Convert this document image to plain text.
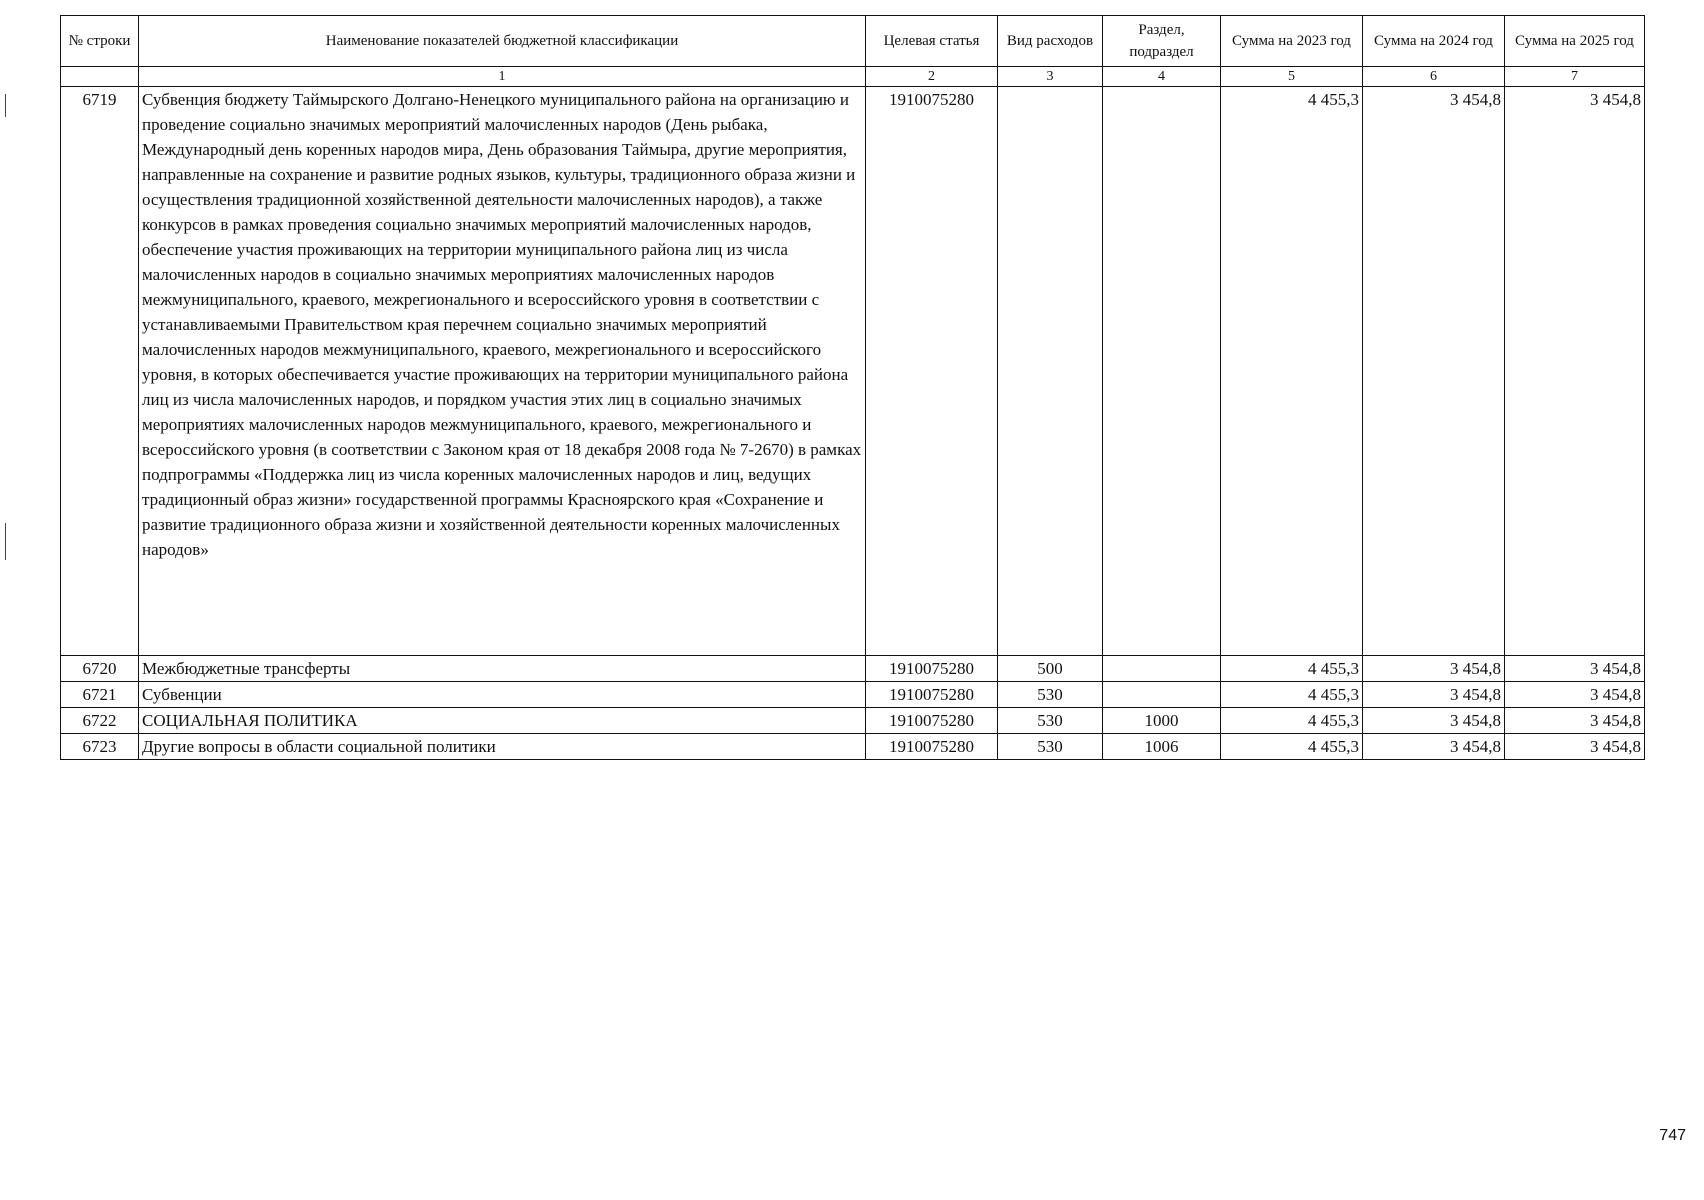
№ строки	Наименование показателей бюджетной классификации	Целевая статья	Вид расходов	Раздел, подраздел	Сумма на 2023 год	Сумма на 2024 год	Сумма на 2025 год
	1	2	3	4	5	6	7
6719	Субвенция бюджету Таймырского Долгано-Ненецкого муниципального района на организацию и проведение социально значимых мероприятий малочисленных народов (День рыбака, Международный день коренных народов мира, День образования Таймыра, другие мероприятия, направленные на сохранение и развитие родных языков, культуры, традиционного образа жизни и осуществления традиционной хозяйственной деятельности малочисленных народов), а также конкурсов в рамках проведения социально значимых мероприятий малочисленных народов, обеспечение участия проживающих на территории муниципального района лиц из числа малочисленных народов в социально значимых мероприятиях малочисленных народов межмуниципального, краевого, межрегионального и всероссийского уровня в соответствии с устанавливаемыми Правительством края перечнем социально значимых мероприятий малочисленных народов межмуниципального, краевого, межрегионального и всероссийского уровня, в которых обеспечивается участие проживающих на территории муниципального района лиц из числа малочисленных народов, и порядком участия этих лиц в социально значимых мероприятиях малочисленных народов межмуниципального, краевого, межрегионального и всероссийского уровня (в соответствии с Законом края от 18 декабря 2008 года № 7-2670) в рамках подпрограммы «Поддержка лиц из числа коренных малочисленных народов и лиц, ведущих традиционный образ жизни» государственной программы Красноярского края «Сохранение и развитие традиционного образа жизни и хозяйственной деятельности коренных малочисленных народов»	1910075280			4 455,3	3 454,8	3 454,8
6720	Межбюджетные трансферты	1910075280	500		4 455,3	3 454,8	3 454,8
6721	Субвенции	1910075280	530		4 455,3	3 454,8	3 454,8
6722	СОЦИАЛЬНАЯ ПОЛИТИКА	1910075280	530	1000	4 455,3	3 454,8	3 454,8
6723	Другие вопросы в области социальной политики	1910075280	530	1006	4 455,3	3 454,8	3 454,8
747
